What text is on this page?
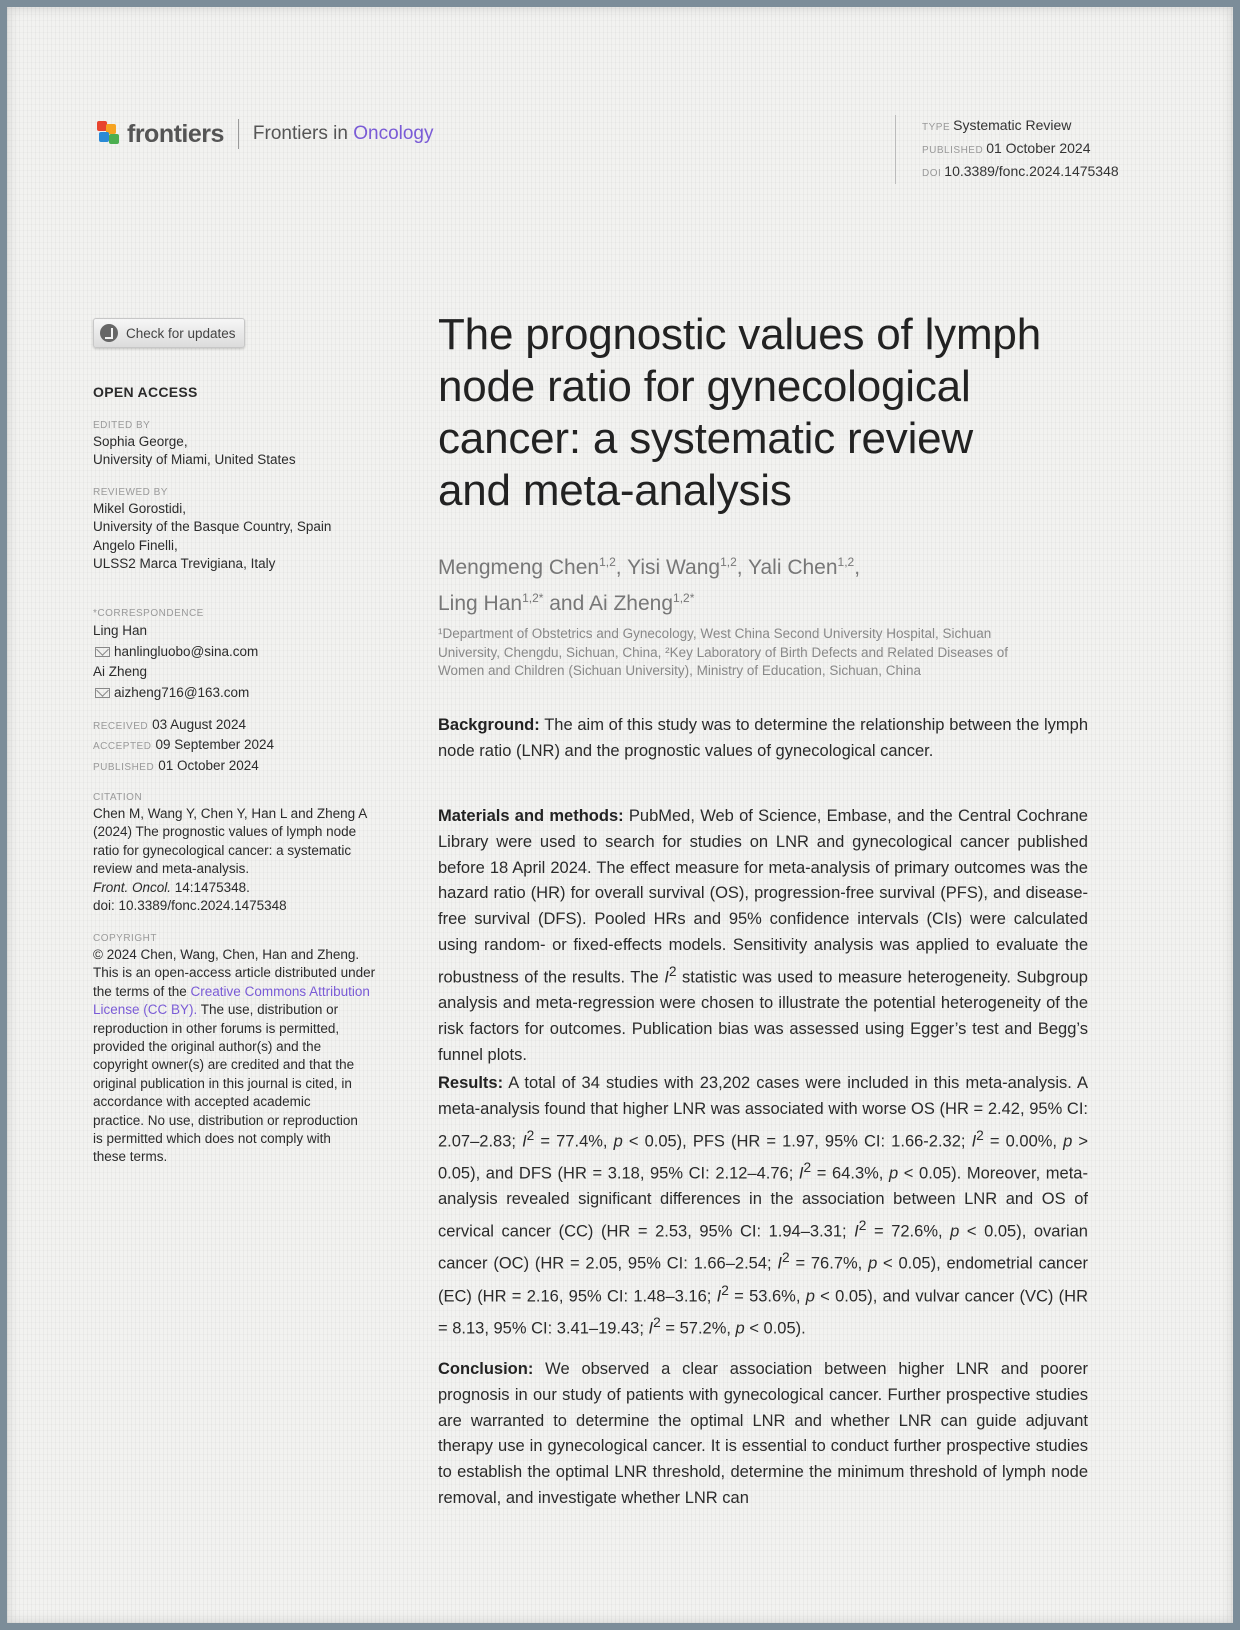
frontiers Frontiers in Oncology	TYPE Systematic Review
PUBLISHED 01 October 2024
DOI 10.3389/fonc.2024.1475348
Check for updates
OPEN ACCESS
EDITED BY
Sophia George,
University of Miami, United States
REVIEWED BY
Mikel Gorostidi,
University of the Basque Country, Spain
Angelo Finelli,
ULSS2 Marca Trevigiana, Italy
*CORRESPONDENCE
Ling Han
hanlingluobo@sina.com
Ai Zheng
aizheng716@163.com
RECEIVED 03 August 2024
ACCEPTED 09 September 2024
PUBLISHED 01 October 2024
CITATION
Chen M, Wang Y, Chen Y, Han L and Zheng A
(2024) The prognostic values of lymph node
ratio for gynecological cancer: a systematic
review and meta-analysis.
Front. Oncol. 14:1475348.
doi: 10.3389/fonc.2024.1475348
COPYRIGHT
© 2024 Chen, Wang, Chen, Han and Zheng.
This is an open-access article distributed under
the terms of the Creative Commons Attribution
License (CC BY). The use, distribution or
reproduction in other forums is permitted,
provided the original author(s) and the
copyright owner(s) are credited and that the
original publication in this journal is cited, in
accordance with accepted academic
practice. No use, distribution or reproduction
is permitted which does not comply with
these terms.
The prognostic values of lymph
node ratio for gynecological
cancer: a systematic review
and meta-analysis
Mengmeng Chen$^{1,2}$, Yisi Wang$^{1,2}$, Yali Chen$^{1,2}$,
Ling Han$^{1,2*}$ and Ai Zheng$^{1,2*}$
¹Department of Obstetrics and Gynecology, West China Second University Hospital, Sichuan
University, Chengdu, Sichuan, China, ²Key Laboratory of Birth Defects and Related Diseases of
Women and Children (Sichuan University), Ministry of Education, Sichuan, China

Background: The aim of this study was to determine the relationship between the lymph node ratio (LNR) and the prognostic values of gynecological cancer.

Materials and methods: PubMed, Web of Science, Embase, and the Central Cochrane Library were used to search for studies on LNR and gynecological cancer published before 18 April 2024. The effect measure for meta-analysis of primary outcomes was the hazard ratio (HR) for overall survival (OS), progression-free survival (PFS), and disease-free survival (DFS). Pooled HRs and 95% confidence intervals (CIs) were calculated using random- or fixed-effects models. Sensitivity analysis was applied to evaluate the robustness of the results. The $I^2$ statistic was used to measure heterogeneity. Subgroup analysis and meta-regression were chosen to illustrate the potential heterogeneity of the risk factors for outcomes. Publication bias was assessed using Egger’s test and Begg’s funnel plots.

Results: A total of 34 studies with 23,202 cases were included in this meta-analysis. A meta-analysis found that higher LNR was associated with worse OS (HR = 2.42, 95% CI: 2.07–2.83; $I^2 = 77.4\%$, p < 0.05), PFS (HR = 1.97, 95% CI: 1.66-2.32; $I^2 = 0.00\%$, p > 0.05), and DFS (HR = 3.18, 95% CI: 2.12–4.76; $I^2 = 64.3\%$, p < 0.05). Moreover, meta-analysis revealed significant differences in the association between LNR and OS of cervical cancer (CC) (HR = 2.53, 95% CI: 1.94–3.31; $I^2 = 72.6\%$, p < 0.05), ovarian cancer (OC) (HR = 2.05, 95% CI: 1.66–2.54; $I^2 = 76.7\%$, p < 0.05), endometrial cancer (EC) (HR = 2.16, 95% CI: 1.48–3.16; $I^2 = 53.6\%$, p < 0.05), and vulvar cancer (VC) (HR = 8.13, 95% CI: 3.41–19.43; $I^2 = 57.2\%$, p < 0.05).

Conclusion: We observed a clear association between higher LNR and poorer prognosis in our study of patients with gynecological cancer. Further prospective studies are warranted to determine the optimal LNR and whether LNR can guide adjuvant therapy use in gynecological cancer. It is essential to conduct further prospective studies to establish the optimal LNR threshold, determine the minimum threshold of lymph node removal, and investigate whether LNR can
